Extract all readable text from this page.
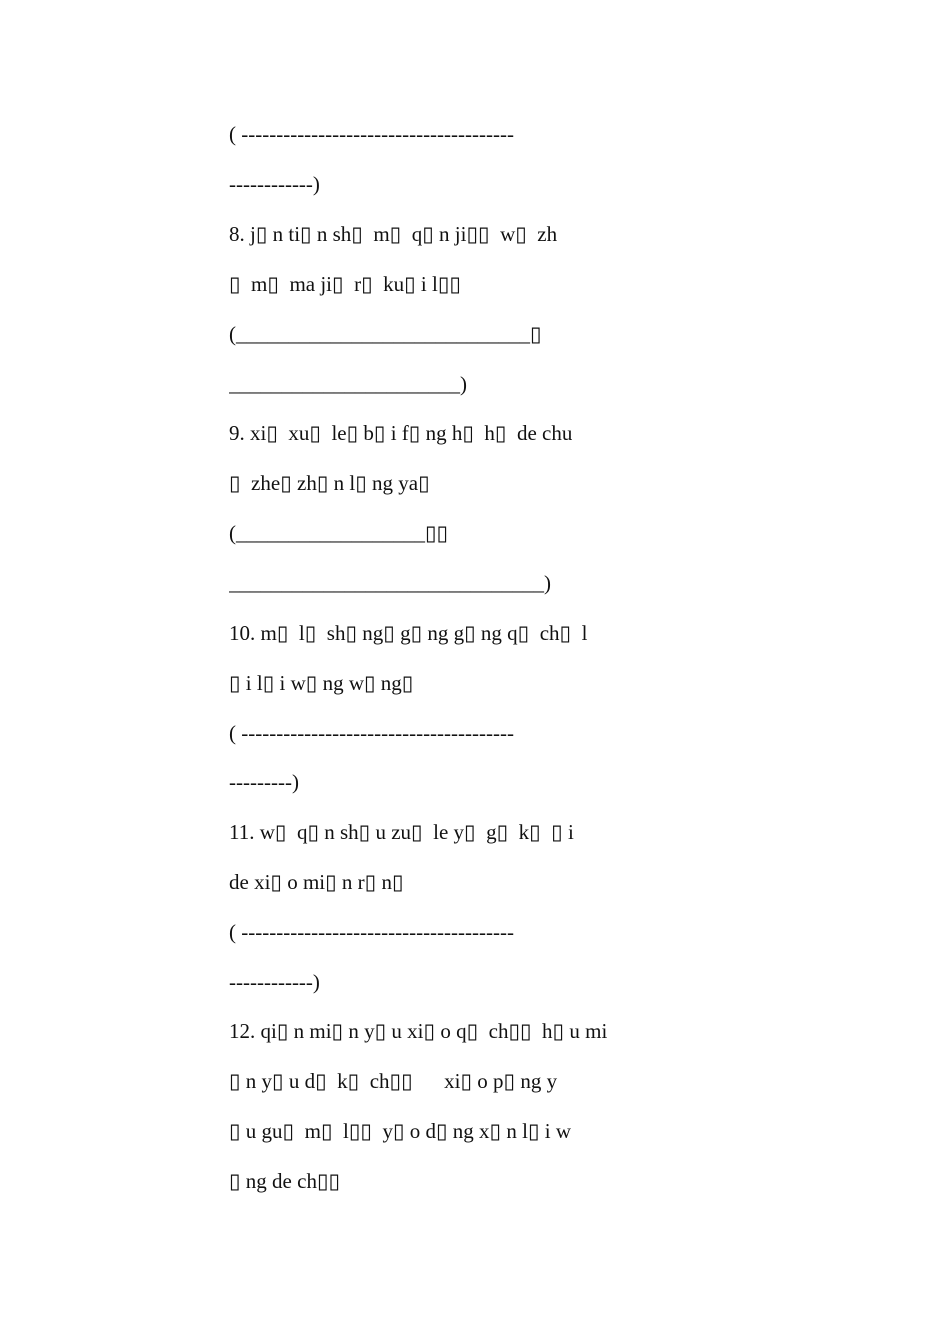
( ---------------------------------------
------------)
8. j▯ n ti▯ n sh▯  m▯  q▯ n ji▯▯  w▯  zh
▯  m▯  ma ji▯  r▯  ku▯ i l▯▯
(____________________________▯
______________________)
9. xi▯  xu▯  le▯ b▯ i f▯ ng h▯  h▯  de chu
▯  zhe▯ zh▯ n l▯ ng ya▯
(__________________▯▯
______________________________)
10. m▯  l▯  sh▯ ng▯ g▯ ng g▯ ng q▯  ch▯  l
▯ i l▯ i w▯ ng w▯ ng▯
( ---------------------------------------
---------)
11. w▯  q▯ n sh▯ u zu▯  le y▯  g▯  k▯  ▯ i
de xi▯ o mi▯ n r▯ n▯
( ---------------------------------------
------------)
12. qi▯ n mi▯ n y▯ u xi▯ o q▯  ch▯▯  h▯ u mi
▯ n y▯ u d▯  k▯  ch▯▯      xi▯ o p▯ ng y
▯ u gu▯  m▯  l▯▯  y▯ o d▯ ng x▯ n l▯ i w
▯ ng de ch▯▯
